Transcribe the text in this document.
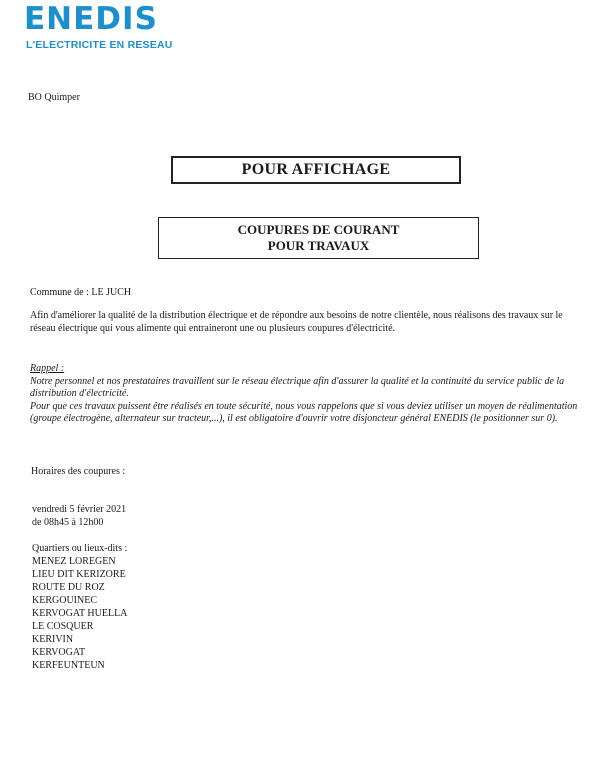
ENEDIS
L'ELECTRICITE EN RESEAU
BO Quimper
POUR AFFICHAGE
COUPURES DE COURANT
POUR TRAVAUX
Commune de : LE JUCH
Afin d'améliorer la qualité de la distribution électrique et de répondre aux besoins de notre clientèle, nous réalisons des travaux sur le réseau électrique qui vous alimente qui entraineront une ou plusieurs coupures d'électricité.

Rappel :

Notre personnel et nos prestataires travaillent sur le réseau électrique afin d'assurer la qualité et la continuité du service public de la distribution d'électricité.

Pour que ces travaux puissent être réalisés en toute sécurité, nous vous rappelons que si vous deviez utiliser un moyen de réalimentation (groupe électrogène, alternateur sur tracteur,...), il est obligatoire d'ouvrir votre disjoncteur général ENEDIS (le positionner sur 0).

Horaires des coupures :
vendredi 5 février 2021
de 08h45 à 12h00
Quartiers ou lieux-dits :
MENEZ LOREGEN
LIEU DIT KERIZORE
ROUTE DU ROZ
KERGOUINEC
KERVOGAT HUELLA
LE COSQUER
KERIVIN
KERVOGAT
KERFEUNTEUN
